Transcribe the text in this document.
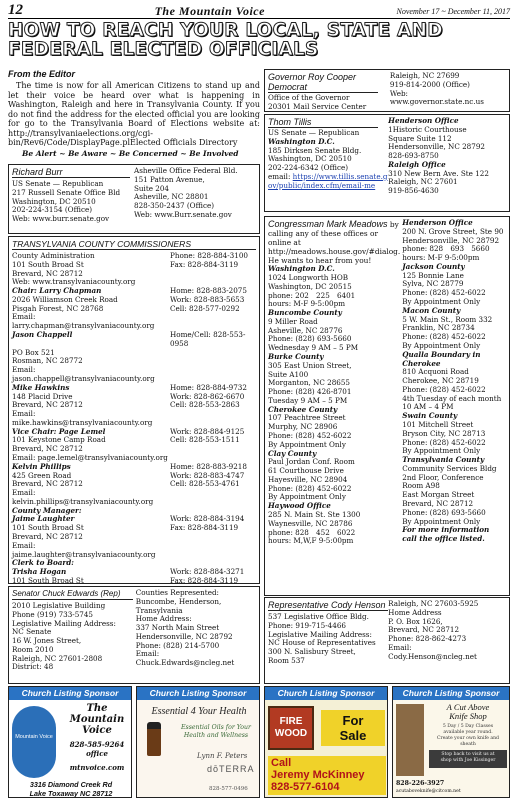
12	The Mountain Voice	November 17 ~ December 11, 2017
HOW TO REACH YOUR LOCAL, STATE AND
FEDERAL ELECTED OFFICIALS
From the Editor
The time is now for all American Citizens to stand up and let their voice be heard over what is happening in Washington, Raleigh and here in Transylvania County. If you do not find the address for the elected official you are looking for go to the Transylvania Board of Elections website at: http://transylvaniaelections.org/cgi-bin/Rev6/Code/DisplayPage.plElected Officials Directory
Be Alert ~ Be Aware ~ Be Concerned ~ Be Involved
Richard Burr
US Senate — Republican
217 Russell Senate Office Bld
Washington, DC 20510
202-224-3154 (Office)
Web: www.burr.senate.gov
Asheville Office Federal Bld.
151 Patton Avenue,
Suite 204
Asheville, NC 28801
828-350-2437 (Office)
Web: www.Burr.senate.gov
TRANSYLVANIA COUNTY COMMISSIONERS
County Administration	Phone: 828-884-3100
101 South Broad St	Fax: 828-884-3119
Brevard, NC 28712
Web: www.transylvaniacounty.org
Chair: Larry Chapman	Home: 828-883-2075
2026 Williamson Creek Road	Work: 828-883-5653
Pisgah Forest, NC 28768	Cell: 828-577-0292
Email: larry.chapman@transylvaniacounty.org
Jason Chappell	Home/Cell: 828-553-0958
PO Box 521
Rosman, NC 28772
Email: jason.chappell@transylvaniacounty.org
Mike Hawkins	Home: 828-884-9732
148 Placid Drive	Work: 828-862-6670
Brevard, NC 28712	Cell: 828-553-2863
Email: mike.hawkins@transylvaniacounty.org
Vice Chair: Page Lemel	Work: 828-884-9125
101 Keystone Camp Road	Cell: 828-553-1511
Brevard, NC 28712
Email: page.lemel@transylvaniacounty.org
Kelvin Phillips	Home: 828-883-9218
425 Green Road	Work: 828-883-4747
Brevard, NC 28712	Cell: 828-553-4761
Email: kelvin.phillips@transylvaniacounty.org
County Manager:
Jaime Laughter	Work: 828-884-3194
101 South Broad St	Fax: 828-884-3119
Brevard, NC 28712
Email: jaime.laughter@transylvaniacounty.org
Clerk to Board:
Trisha Hogan	Work: 828-884-3271
101 South Broad St	Fax: 828-884-3119
Senator Chuck Edwards (Rep)
2010 Legislative Building
Phone (919) 733-5745
Legislative Mailing Address:
NC Senate
16 W. Jones Street,
Room 2010
Raleigh, NC 27601-2808
District: 48
Counties Represented:
Buncombe, Henderson,
Transylvania
Home Address:
337 North Main Street
Hendersonville, NC 28792
Phone: (828) 214-5700
Email:
Chuck.Edwards@ncleg.net
Governor Roy Cooper
Democrat
Office of the Governor
20301 Mail Service Center
Raleigh, NC 27699
919-814-2000 (Office)
Web:
www.governor.state.nc.us
Thom Tillis
US Senate — Republican
Washington D.C.
185 Dirksen Senate Bldg.
Washington, DC 20510
202-224-6342 (Office)
email: https://www.tillis.senate.gov/public/index.cfm/email-me
Henderson Office
1Historic Courthouse
Square Suite 112
Hendersonville, NC 28792
828-693-8750
Raleigh Office
310 New Bern Ave. Ste 122
Raleigh, NC 27601
919-856-4630
Congressman Mark Meadows by calling any of these offices or online at http://meadows.house.gov/#dialog. He wants to hear from you!
Washington D.C.
1024 Longworth HOB
Washington, DC 20515
phone: 202　225　6401
hours: M-F 9-5:00pm
Buncombe County
9 Miller Road
Asheville, NC 28776
Phone: (828) 693-5660
Wednesday 9 AM – 5 PM
Burke County
305 East Union Street,
Suite A100
Morganton, NC 28655
Phone: (828) 426-8701
Tuesday 9 AM – 5 PM
Cherokee County
107 Peachtree Street
Murphy, NC 28906
Phone: (828) 452-6022
By Appointment Only
Clay County
Paul Jordan Conf. Room
61 Courthouse Drive
Hayesville, NC 28904
Phone: (828) 452-6022
By Appointment Only
Haywood Office
285 N. Main St. Ste 1300
Waynesville, NC 28786
phone: 828　452　6022
hours: M,W,F 9-5:00pm
Henderson Office
200 N. Grove Street, Ste 90
Hendersonville, NC 28792
phone: 828　693　5660
hours: M-F 9-5:00pm
Jackson County
125 Bonnie Lane
Sylva, NC 28779
Phone: (828) 452-6022
By Appointment Only
Macon County
5 W. Main St., Room 332
Franklin, NC 28734
Phone: (828) 452-6022
By Appointment Only
Qualla Boundary in Cherokee
810 Acquoni Road
Cherokee, NC 28719
Phone: (828) 452-6022
4th Tuesday of each month
10 AM – 4 PM
Swain County
101 Mitchell Street
Bryson City, NC 28713
Phone: (828) 452-6022
By Appointment Only
Transylvania County
Community Services Bldg
2nd Floor, Conference
Room A98
East Morgan Street
Brevard, NC 28712
Phone: (828) 693-5660
By Appointment Only
For more information call the office listed.
Representative Cody Henson
537 Legislative Office Bldg.
Phone: 919-715-4466
Legislative Mailing Address:
NC House of Representatives
300 N. Salisbury Street,
Room 537
Raleigh, NC 27603-5925
Home Address
P. O. Box 1626,
Brevard, NC 28712
Phone: 828-862-4273
Email:
Cody.Henson@ncleg.net
Church Listing Sponsor
Mountain Voice
The
Mountain
Voice
828-585-9264
office
mtnvoice.com
3316 Diamond Creek Rd
Lake Toxaway NC 28712
Church Listing Sponsor
Essential 4 Your Health
Essential Oils for Your
Health and Wellness
Lynn F. Peters
dōTERRA
828-577-0496
Church Listing Sponsor
FIRE
WOOD
For
Sale
Call
Jeremy McKinney
828-577-6104
Church Listing Sponsor
A Cut Above
Knife Shop
5 Day / 5 Day Classes
available year round.
Create your own knife and
sheath
Stop back to visit us at
shop with Joe Kissinger
828-226-3927
acutaboveknife@citcom.net
